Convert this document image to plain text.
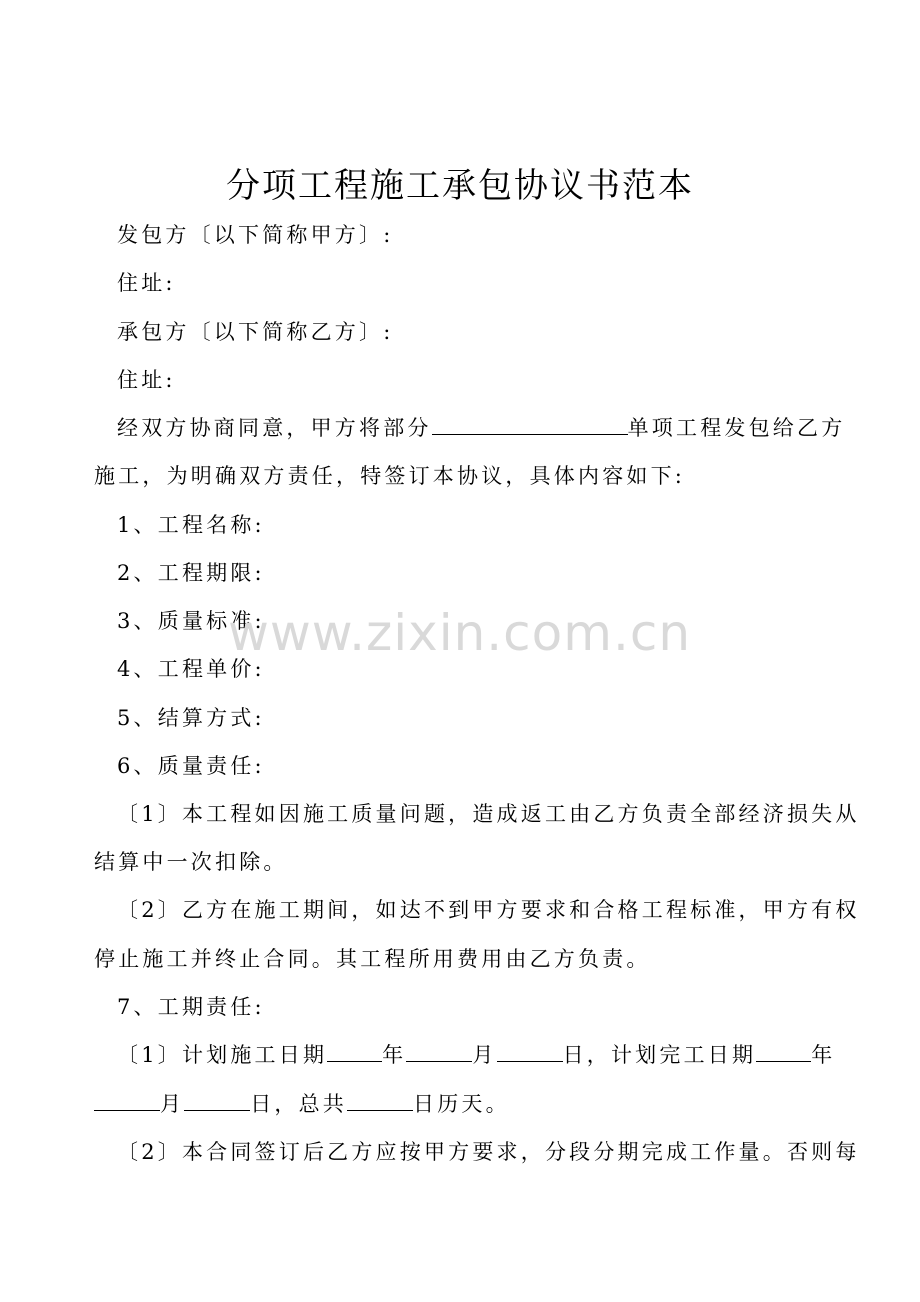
分项工程施工承包协议书范本
发包方〔以下简称甲方〕:
住址:
承包方〔以下简称乙方〕:
住址:
经双方协商同意，甲方将部分	单项工程发包给乙方
施工，为明确双方责任，特签订本协议，具体内容如下:
1、工程名称:
2、工程期限:
3、质量标准:
4、工程单价:
5、结算方式:
6、质量责任:
〔1〕本工程如因施工质量问题，造成返工由乙方负责全部经济损失从
结算中一次扣除。
〔2〕乙方在施工期间，如达不到甲方要求和合格工程标准，甲方有权
停止施工并终止合同。其工程所用费用由乙方负责。
7、工期责任:
〔1〕计划施工日期	年	月	日，计划完工日期	年
月	日，总共	日历天。
〔2〕本合同签订后乙方应按甲方要求，分段分期完成工作量。否则每
www.zixin.com.cn
